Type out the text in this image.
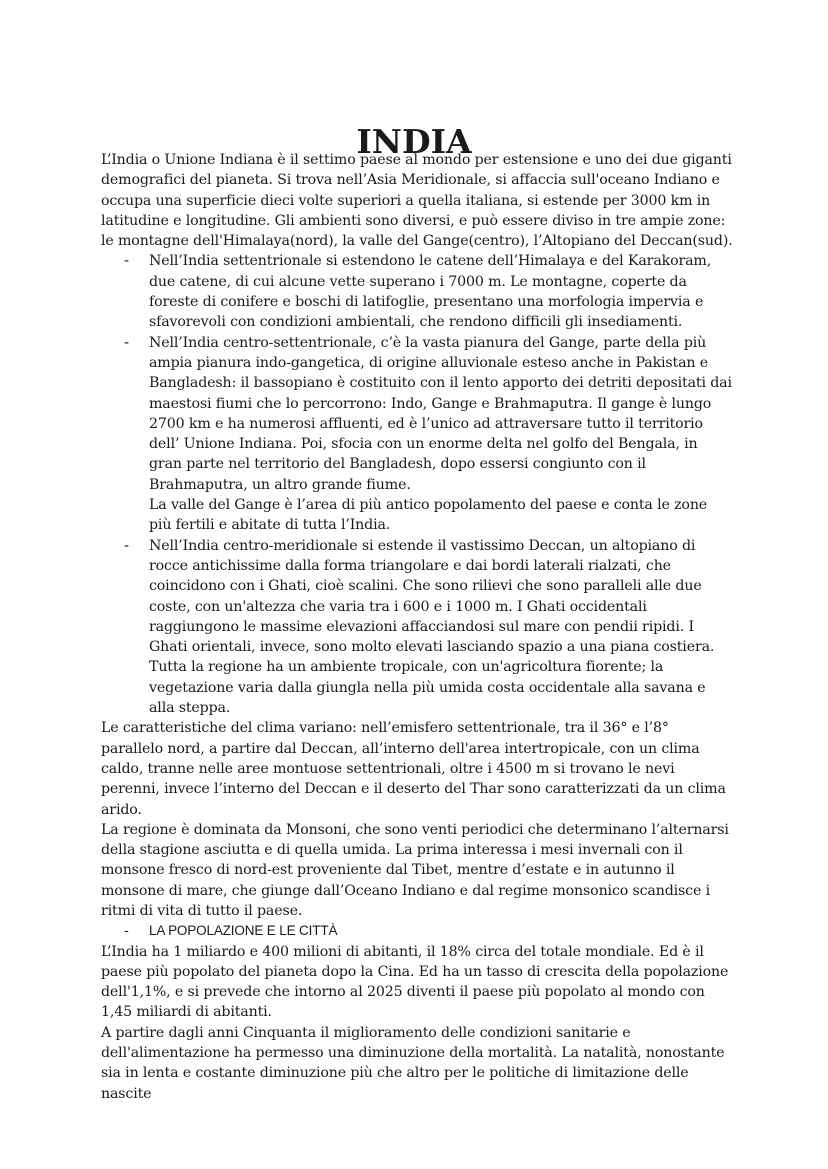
INDIA

L’India o Unione Indiana è il settimo paese al mondo per estensione e uno dei due giganti demografici del pianeta. Si trova nell’Asia Meridionale, si affaccia sull'oceano Indiano e occupa una superficie dieci volte superiori a quella italiana, si estende per 3000 km in latitudine e longitudine. Gli ambienti sono diversi, e può essere diviso in tre ampie zone: le montagne dell'Himalaya(nord), la valle del Gange(centro), l’Altopiano del Deccan(sud).

- Nell’India settentrionale si estendono le catene dell’Himalaya e del Karakoram, due catene, di cui alcune vette superano i 7000 m. Le montagne, coperte da foreste di conifere e boschi di latifoglie, presentano una morfologia impervia e sfavorevoli con condizioni ambientali, che rendono difficili gli insediamenti.
- Nell’India centro-settentrionale, c’è la vasta pianura del Gange, parte della più ampia pianura indo-gangetica, di origine alluvionale esteso anche in Pakistan e Bangladesh: il bassopiano è costituito con il lento apporto dei detriti depositati dai maestosi fiumi che lo percorrono: Indo, Gange e Brahmaputra. Il gange è lungo 2700 km e ha numerosi affluenti, ed è l’unico ad attraversare tutto il territorio dell’ Unione Indiana. Poi, sfocia con un enorme delta nel golfo del Bengala, in gran parte nel territorio del Bangladesh, dopo essersi congiunto con il Brahmaputra, un altro grande fiume.

La valle del Gange è l’area di più antico popolamento del paese e conta le zone più fertili e abitate di tutta l’India.

- Nell’India centro-meridionale si estende il vastissimo Deccan, un altopiano di rocce antichissime dalla forma triangolare e dai bordi laterali rialzati, che coincidono con i Ghati, cioè scalini. Che sono rilievi che sono paralleli alle due coste, con un'altezza che varia tra i 600 e i 1000 m. I Ghati occidentali raggiungono le massime elevazioni affacciandosi sul mare con pendii ripidi. I Ghati orientali, invece, sono molto elevati lasciando spazio a una piana costiera. Tutta la regione ha un ambiente tropicale, con un'agricoltura fiorente; la vegetazione varia dalla giungla nella più umida costa occidentale alla savana e alla steppa.

Le caratteristiche del clima variano: nell’emisfero settentrionale, tra il 36° e l’8° parallelo nord, a partire dal Deccan, all’interno dell'area intertropicale, con un clima caldo, tranne nelle aree montuose settentrionali, oltre i 4500 m si trovano le nevi perenni, invece l’interno del Deccan e il deserto del Thar sono caratterizzati da un clima arido.

La regione è dominata da Monsoni, che sono venti periodici che determinano l’alternarsi della stagione asciutta e di quella umida. La prima interessa i mesi invernali con il monsone fresco di nord-est proveniente dal Tibet, mentre d’estate e in autunno il monsone di mare, che giunge dall’Oceano Indiano e dal regime monsonico scandisce i ritmi di vita di tutto il paese.

- LA POPOLAZIONE E LE CITTÀ

L’India ha 1 miliardo e 400 milioni di abitanti, il 18% circa del totale mondiale. Ed è il paese più popolato del pianeta dopo la Cina. Ed ha un tasso di crescita della popolazione dell'1,1%, e si prevede che intorno al 2025 diventi il paese più popolato al mondo con 1,45 miliardi di abitanti.

A partire dagli anni Cinquanta il miglioramento delle condizioni sanitarie e dell'alimentazione ha permesso una diminuzione della mortalità. La natalità, nonostante sia in lenta e costante diminuzione più che altro per le politiche di limitazione delle nascite
